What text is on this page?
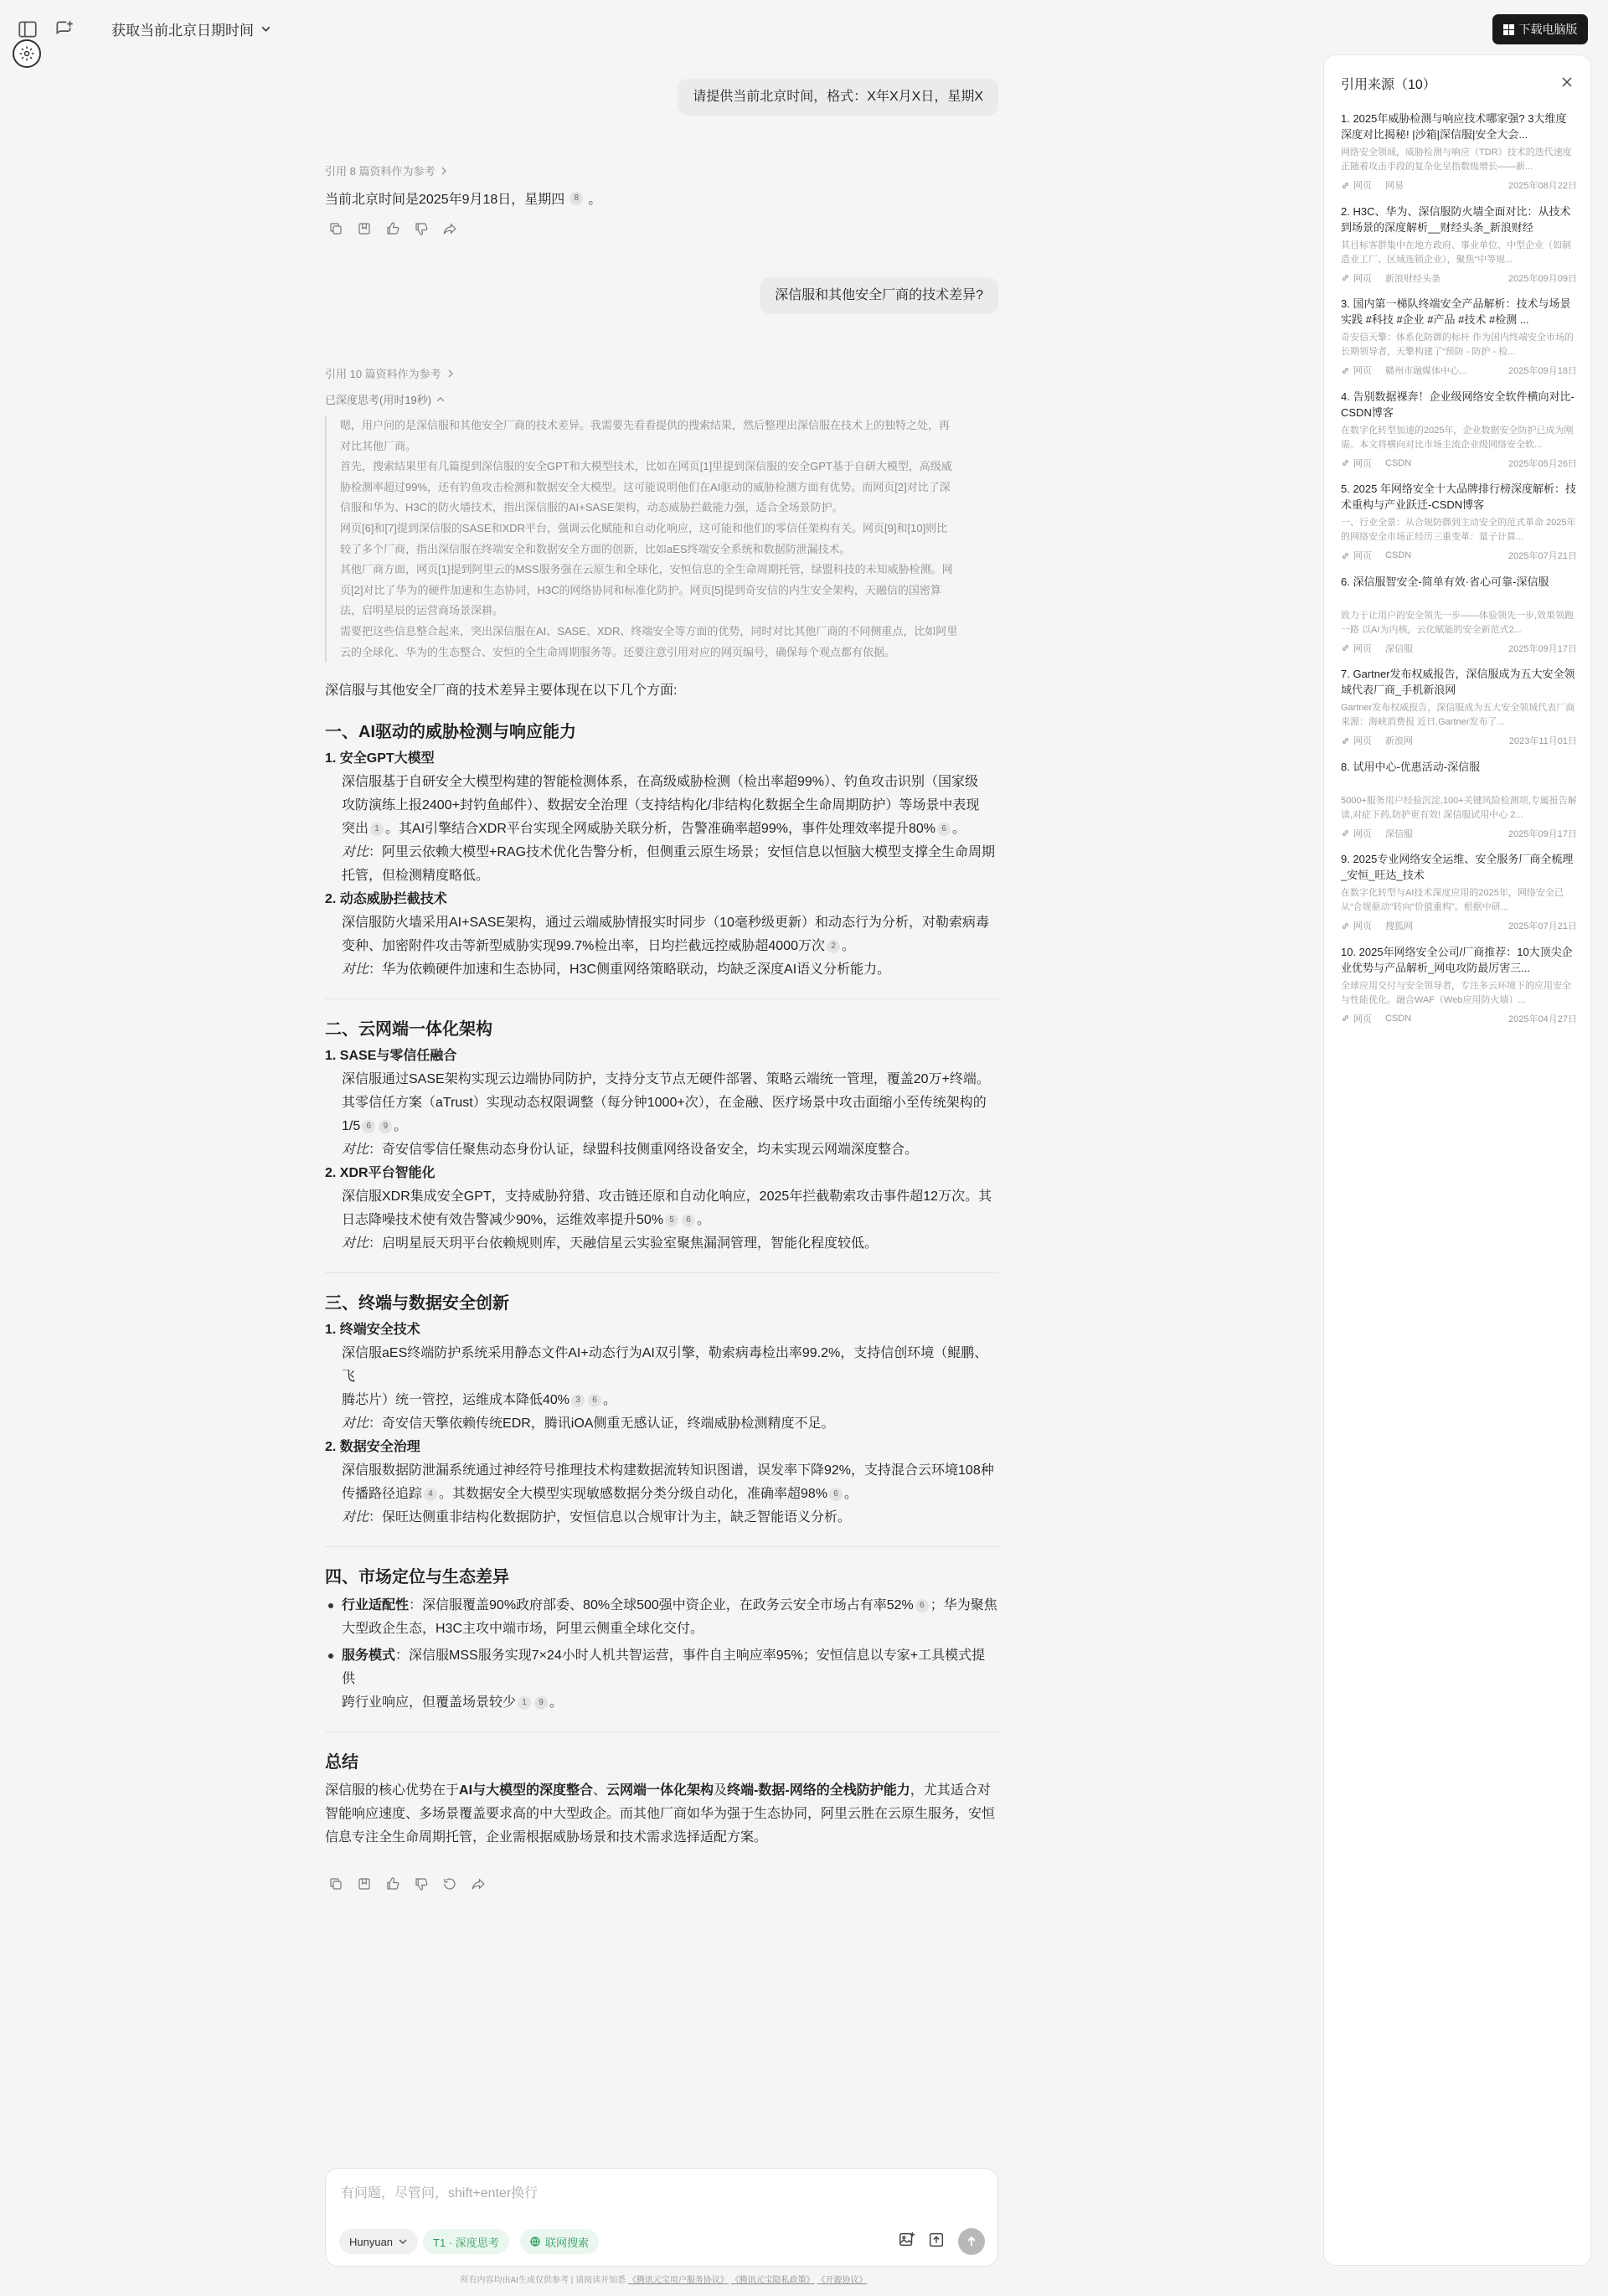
获取当前北京日期时间	下载电脑版
请提供当前北京时间，格式：X年X月X日，星期X
引用 8 篇资料作为参考
当前北京时间是2025年9月18日，星期四	8 。
深信服和其他安全厂商的技术差异?
引用 10 篇资料作为参考
已深度思考(用时19秒)
嗯，用户问的是深信服和其他安全厂商的技术差异。我需要先看看提供的搜索结果，然后整理出深信服在技术上的独特之处，再
对比其他厂商。
首先，搜索结果里有几篇提到深信服的安全GPT和大模型技术，比如在网页[1]里提到深信服的安全GPT基于自研大模型，高级威
胁检测率超过99%，还有钓鱼攻击检测和数据安全大模型。这可能说明他们在AI驱动的威胁检测方面有优势。而网页[2]对比了深
信服和华为、H3C的防火墙技术，指出深信服的AI+SASE架构，动态威胁拦截能力强，适合全场景防护。
网页[6]和[7]提到深信服的SASE和XDR平台，强调云化赋能和自动化响应，这可能和他们的零信任架构有关。网页[9]和[10]则比
较了多个厂商，指出深信服在终端安全和数据安全方面的创新，比如aES终端安全系统和数据防泄漏技术。
其他厂商方面，网页[1]提到阿里云的MSS服务强在云原生和全球化，安恒信息的全生命周期托管，绿盟科技的未知威胁检测。网
页[2]对比了华为的硬件加速和生态协同，H3C的网络协同和标准化防护。网页[5]提到奇安信的内生安全架构，天融信的国密算
法，启明星辰的运营商场景深耕。
需要把这些信息整合起来，突出深信服在AI、SASE、XDR、终端安全等方面的优势，同时对比其他厂商的不同侧重点，比如阿里
云的全球化、华为的生态整合、安恒的全生命周期服务等。还要注意引用对应的网页编号，确保每个观点都有依据。
深信服与其他安全厂商的技术差异主要体现在以下几个方面:
一、AI驱动的威胁检测与响应能力
1. 安全GPT大模型
深信服基于自研安全大模型构建的智能检测体系，在高级威胁检测（检出率超99%）、钓鱼攻击识别（国家级
攻防演练上报2400+封钓鱼邮件）、数据安全治理（支持结构化/非结构化数据全生命周期防护）等场景中表现
突出 1 。其AI引擎结合XDR平台实现全网威胁关联分析，告警准确率超99%，事件处理效率提升80% 6 。
对比：阿里云依赖大模型+RAG技术优化告警分析，但侧重云原生场景；安恒信息以恒脑大模型支撑全生命周期
托管，但检测精度略低。
2. 动态威胁拦截技术
深信服防火墙采用AI+SASE架构，通过云端威胁情报实时同步（10毫秒级更新）和动态行为分析，对勒索病毒
变种、加密附件攻击等新型威胁实现99.7%检出率，日均拦截远控威胁超4000万次 2 。
对比：华为依赖硬件加速和生态协同，H3C侧重网络策略联动，均缺乏深度AI语义分析能力。
二、云网端一体化架构
1. SASE与零信任融合
深信服通过SASE架构实现云边端协同防护，支持分支节点无硬件部署、策略云端统一管理，覆盖20万+终端。
其零信任方案（aTrust）实现动态权限调整（每分钟1000+次），在金融、医疗场景中攻击面缩小至传统架构的
1/5 6 9 。
对比：奇安信零信任聚焦动态身份认证，绿盟科技侧重网络设备安全，均未实现云网端深度整合。
2. XDR平台智能化
深信服XDR集成安全GPT，支持威胁狩猎、攻击链还原和自动化响应，2025年拦截勒索攻击事件超12万次。其
日志降噪技术使有效告警减少90%，运维效率提升50% 5 6 。
对比：启明星辰天玥平台依赖规则库，天融信星云实验室聚焦漏洞管理，智能化程度较低。
三、终端与数据安全创新
1. 终端安全技术
深信服aES终端防护系统采用静态文件AI+动态行为AI双引擎，勒索病毒检出率99.2%，支持信创环境（鲲鹏、飞
腾芯片）统一管控，运维成本降低40% 3 6 。
对比：奇安信天擎依赖传统EDR，腾讯iOA侧重无感认证，终端威胁检测精度不足。
2. 数据安全治理
深信服数据防泄漏系统通过神经符号推理技术构建数据流转知识图谱，误发率下降92%，支持混合云环境108种
传播路径追踪 4 。其数据安全大模型实现敏感数据分类分级自动化，准确率超98% 6 。
对比：保旺达侧重非结构化数据防护，安恒信息以合规审计为主，缺乏智能语义分析。
四、市场定位与生态差异
行业适配性：深信服覆盖90%政府部委、80%全球500强中资企业，在政务云安全市场占有率52% 6 ；华为聚焦
大型政企生态，H3C主攻中端市场，阿里云侧重全球化交付。
服务模式：深信服MSS服务实现7×24小时人机共智运营，事件自主响应率95%；安恒信息以专家+工具模式提供
跨行业响应，但覆盖场景较少 1 9 。
总结
深信服的核心优势在于AI与大模型的深度整合、云网端一体化架构及终端-数据-网络的全栈防护能力，尤其适合对
智能响应速度、多场景覆盖要求高的中大型政企。而其他厂商如华为强于生态协同，阿里云胜在云原生服务，安恒
信息专注全生命周期托管，企业需根据威胁场景和技术需求选择适配方案。
有问题，尽管问，shift+enter换行
Hunyuan	T1 · 深度思考	联网搜索
所有内容均由AI生成仅供参考 | 请阅读并知悉 《腾讯元宝用户服务协议》 《腾讯元宝隐私政策》 《开源协议》
引用来源（10）
1. 2025年威胁检测与响应技术哪家强? 3大维度深度对比揭秘! |沙箱|深信服|安全大会...
网络安全领域，威胁检测与响应（TDR）技术的迭代速度正随着攻击手段的复杂化呈指数级增长——新...
网页 网易	2025年08月22日
2. H3C、华为、深信服防火墙全面对比：从技术到场景的深度解析__财经头条_新浪财经
其目标客群集中在地方政府、事业单位、中型企业（如制造业工厂、区域连锁企业），聚焦“中等规...
网页 新浪财经头条	2025年09月09日
3. 国内第一梯队终端安全产品解析：技术与场景实践 #科技 #企业 #产品 #技术 #检测 ...
奇安信天擎：体系化防御的标杆 作为国内终端安全市场的长期领导者，天擎构建了“预防 - 防护 - 检...
网页 赣州市融媒体中心...	2025年09月18日
4. 告别数据裸奔！企业级网络安全软件横向对比-CSDN博客
在数字化转型加速的2025年，企业数据安全防护已成为刚需。本文将横向对比市场主流企业级网络安全软...
网页 CSDN	2025年05月26日
5. 2025 年网络安全十大品牌排行榜深度解析：技术重构与产业跃迁-CSDN博客
一、行业全景：从合规防御到主动安全的范式革命 2025年的网络安全市场正经历三重变革：量子计算...
网页 CSDN	2025年07月21日
6. 深信服智安全-简单有效·省心可靠-深信服
致力于让用户的安全领先一步——体验领先一步,效果领跑一路 以AI为内核，云化赋能的安全新范式2...
网页 深信服	2025年09月17日
7. Gartner发布权威报告，深信服成为五大安全领域代表厂商_手机新浪网
Gartner发布权威报告，深信服成为五大安全领域代表厂商 来源：海峡消费报 近日,Gartner发布了...
网页 新浪网	2023年11月01日
8. 试用中心-优惠活动-深信服
5000+服务用户经验沉淀,100+关键风险检测项,专属报告解读,对症下药,防护更有效! 深信服试用中心 2...
网页 深信服	2025年09月17日
9. 2025专业网络安全运维、安全服务厂商全梳理_安恒_旺达_技术
在数字化转型与AI技术深度应用的2025年，网络安全已从“合规驱动”转向“价值重构”。根据中研...
网页 搜狐网	2025年07月21日
10. 2025年网络安全公司/厂商推荐：10大顶尖企业优势与产品解析_网电攻防最厉害三...
全球应用交付与安全领导者，专注多云环境下的应用安全与性能优化。融合WAF（Web应用防火墙）...
网页 CSDN	2025年04月27日
